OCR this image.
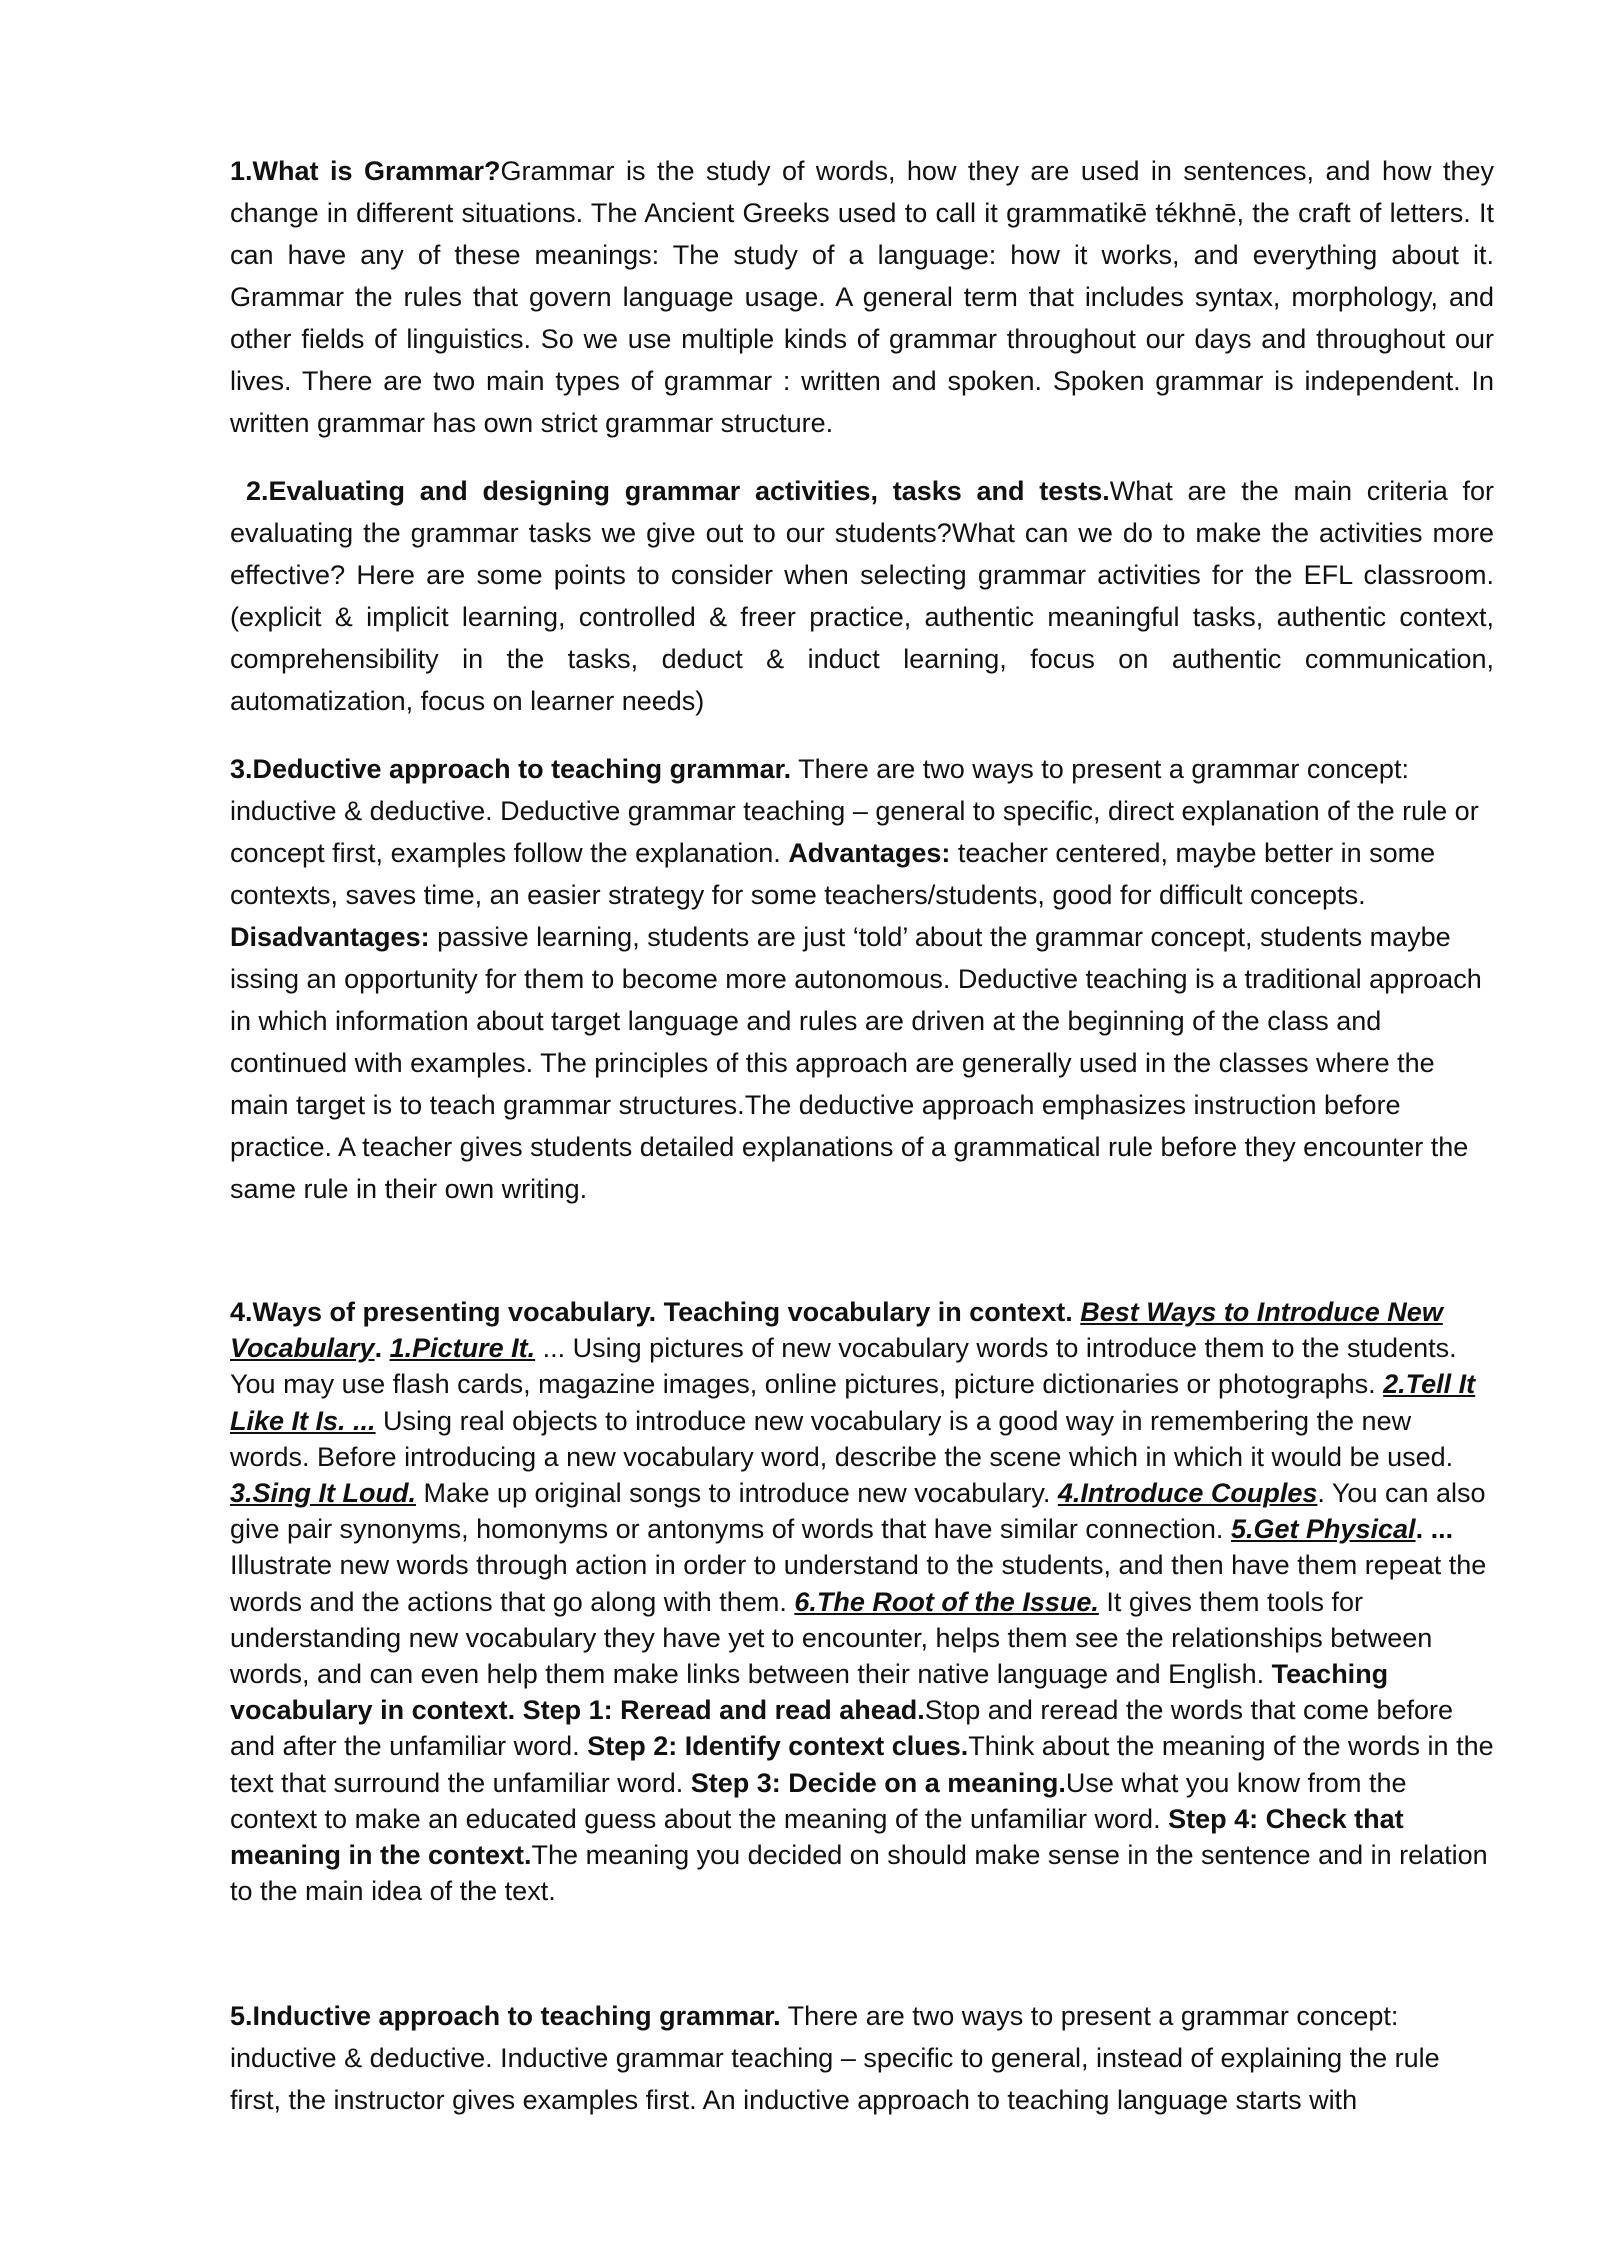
1.What is Grammar?Grammar is the study of words, how they are used in sentences, and how they change in different situations. The Ancient Greeks used to call it grammatikē tékhnē, the craft of letters. It can have any of these meanings: The study of a language: how it works, and everything about it. Grammar the rules that govern language usage. A general term that includes syntax, morphology, and other fields of linguistics. So we use multiple kinds of grammar throughout our days and throughout our lives. There are two main types of grammar : written and spoken. Spoken grammar is independent. In written grammar has own strict grammar structure.

2.Evaluating and designing grammar activities, tasks and tests.What are the main criteria for evaluating the grammar tasks we give out to our students?What can we do to make the activities more effective? Here are some points to consider when selecting grammar activities for the EFL classroom. (explicit & implicit learning, controlled & freer practice, authentic meaningful tasks, authentic context, comprehensibility in the tasks, deduct & induct learning, focus on authentic communication, automatization, focus on learner needs)

3.Deductive approach to teaching grammar. There are two ways to present a grammar concept: inductive & deductive. Deductive grammar teaching – general to specific, direct explanation of the rule or concept first, examples follow the explanation. Advantages: teacher centered, maybe better in some contexts, saves time, an easier strategy for some teachers/students, good for difficult concepts. Disadvantages: passive learning, students are just ‘told’ about the grammar concept, students maybe issing an opportunity for them to become more autonomous. Deductive teaching is a traditional approach in which information about target language and rules are driven at the beginning of the class and continued with examples. The principles of this approach are generally used in the classes where the main target is to teach grammar structures.The deductive approach emphasizes instruction before practice. A teacher gives students detailed explanations of a grammatical rule before they encounter the same rule in their own writing.

4.Ways of presenting vocabulary. Teaching vocabulary in context. Best Ways to Introduce New Vocabulary. 1.Picture It. ... Using pictures of new vocabulary words to introduce them to the students. You may use flash cards, magazine images, online pictures, picture dictionaries or photographs. 2.Tell It Like It Is. ... Using real objects to introduce new vocabulary is a good way in remembering the new words. Before introducing a new vocabulary word, describe the scene which in which it would be used. 3.Sing It Loud. Make up original songs to introduce new vocabulary. 4.Introduce Couples. You can also give pair synonyms, homonyms or antonyms of words that have similar connection. 5.Get Physical. ... Illustrate new words through action in order to understand to the students, and then have them repeat the words and the actions that go along with them. 6.The Root of the Issue. It gives them tools for understanding new vocabulary they have yet to encounter, helps them see the relationships between words, and can even help them make links between their native language and English. Teaching vocabulary in context. Step 1: Reread and read ahead.Stop and reread the words that come before and after the unfamiliar word. Step 2: Identify context clues.Think about the meaning of the words in the text that surround the unfamiliar word. Step 3: Decide on a meaning.Use what you know from the context to make an educated guess about the meaning of the unfamiliar word. Step 4: Check that meaning in the context.The meaning you decided on should make sense in the sentence and in relation to the main idea of the text.

5.Inductive approach to teaching grammar. There are two ways to present a grammar concept: inductive & deductive. Inductive grammar teaching – specific to general, instead of explaining the rule first, the instructor gives examples first. An inductive approach to teaching language starts with
